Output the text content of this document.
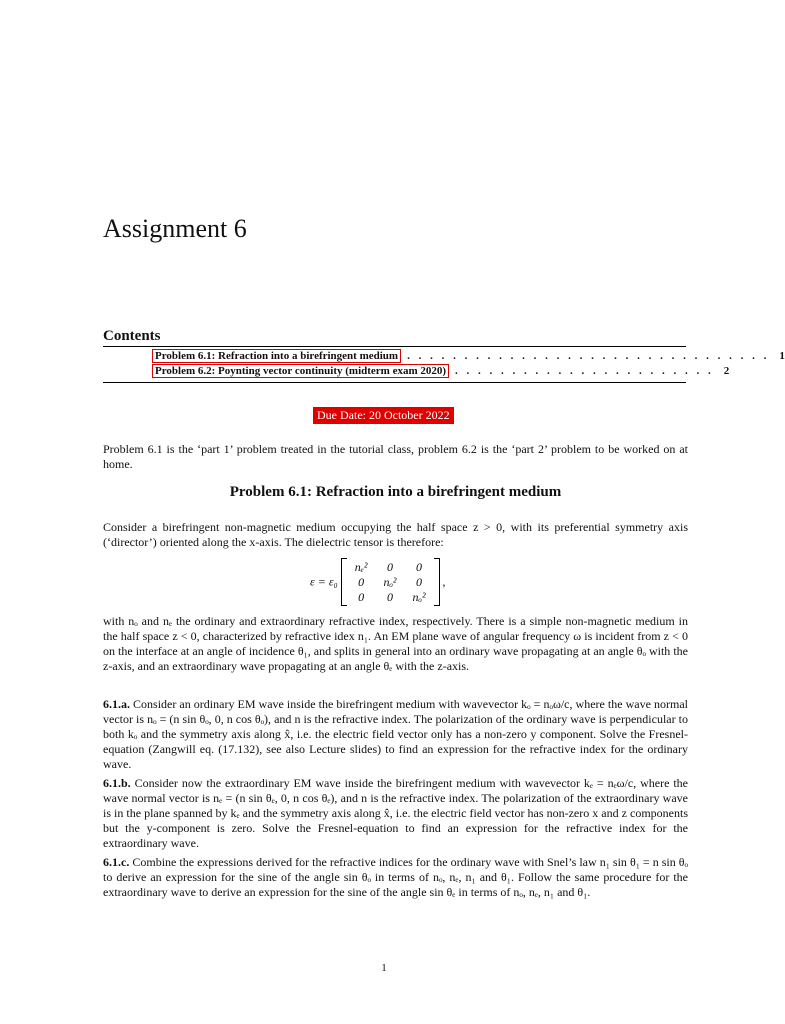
Assignment 6
Contents
Problem 6.1: Refraction into a birefringent medium . . . . . . . . . . . . . . . . . . . . . . . . . . . . . . . . 1
Problem 6.2: Poynting vector continuity (midterm exam 2020) . . . . . . . . . . . . . . . . . . . . . . . 2
Due Date: 20 October 2022
Problem 6.1 is the ‘part 1’ problem treated in the tutorial class, problem 6.2 is the ‘part 2’ problem to be worked on at home.
Problem 6.1: Refraction into a birefringent medium
Consider a birefringent non-magnetic medium occupying the half space z > 0, with its preferential symmetry axis (‘director’) oriented along the x-axis. The dielectric tensor is therefore:
ε = ε₀ nₑ²	0	0
0	nₒ²	0
0	0	nₒ² ,
with nₒ and nₑ the ordinary and extraordinary refractive index, respectively. There is a simple non-magnetic medium in the half space z < 0, characterized by refractive idex n₁. An EM plane wave of angular frequency ω is incident from z < 0 on the interface at an angle of incidence θ₁, and splits in general into an ordinary wave propagating at an angle θₒ with the z-axis, and an extraordinary wave propagating at an angle θₑ with the z-axis.
6.1.a. Consider an ordinary EM wave inside the birefringent medium with wavevector kₒ = nₒω/c, where the wave normal vector is nₒ = (n sin θₒ, 0, n cos θₒ), and n is the refractive index. The polarization of the ordinary wave is perpendicular to both kₒ and the symmetry axis along x̂, i.e. the electric field vector only has a non-zero y component. Solve the Fresnel-equation (Zangwill eq. (17.132), see also Lecture slides) to find an expression for the refractive index for the ordinary wave.
6.1.b. Consider now the extraordinary EM wave inside the birefringent medium with wavevector kₑ = nₑω/c, where the wave normal vector is nₑ = (n sin θₑ, 0, n cos θₑ), and n is the refractive index. The polarization of the extraordinary wave is in the plane spanned by kₑ and the symmetry axis along x̂, i.e. the electric field vector has non-zero x and z components but the y-component is zero. Solve the Fresnel-equation to find an expression for the refractive index for the extraordinary wave.
6.1.c. Combine the expressions derived for the refractive indices for the ordinary wave with Snel’s law n₁ sin θ₁ = n sin θₒ to derive an expression for the sine of the angle sin θₒ in terms of nₒ, nₑ, n₁ and θ₁. Follow the same procedure for the extraordinary wave to derive an expression for the sine of the angle sin θₑ in terms of nₒ, nₑ, n₁ and θ₁.
1
